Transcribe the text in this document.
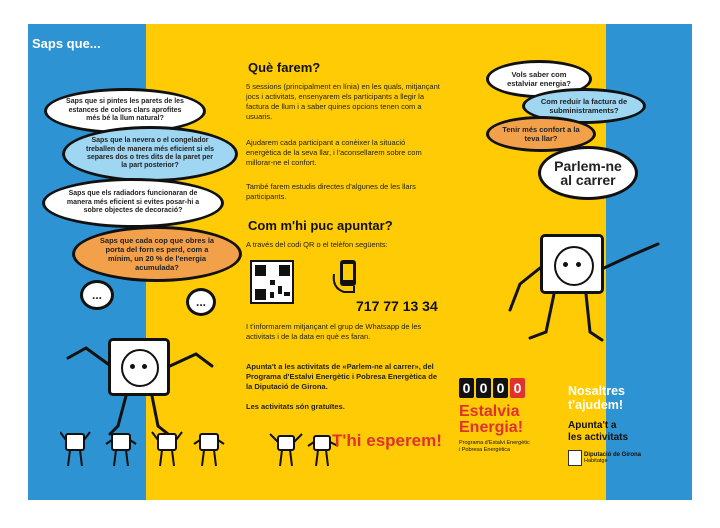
Saps que...
Saps que si pintes les parets de les estances de colors clars aprofites més bé la llum natural?
Saps que la nevera o el congelador treballen de manera més eficient si els separes dos o tres dits de la paret per la part posterior?
Saps que els radiadors funcionaran de manera més eficient si evites posar-hi a sobre objectes de decoració?
Saps que cada cop que obres la porta del forn es perd, com a mínim, un 20 % de l'energia acumulada?
...	...
Què farem?
5 sessions (principalment en línia) en les quals, mitjançant jocs i activitats, ensenyarem els participants a llegir la factura de llum i a saber quines opcions tenen com a usuaris.
Ajudarem cada participant a conèixer la situació energètica de la seva llar, i l'aconsellarem sobre com millorar-ne el confort.
També farem estudis directes d'algunes de les llars participants.
Com m'hi puc apuntar?
A través del codi QR o el telèfon següents:
717 77 13 34
I t'informarem mitjançant el grup de Whatsapp de les activitats i de la data en què es faran.
Apunta't a les activitats de «Parlem-ne al carrer», del Programa d'Estalvi Energètic i Pobresa Energètica de la Diputació de Girona.
Les activitats són gratuïtes.
T'hi esperem!
Vols saber com estalviar energia?
Com reduir la factura de subministraments?
Tenir més confort a la teva llar?
Parlem-ne al carrer
0 0 0 0
Estalvia
Energia!
Programa d'Estalvi Energètic
i Pobresa Energètica
Nosaltres
t'ajudem!
Apunta't a
les activitats
Diputació de Girona
Habitatge
